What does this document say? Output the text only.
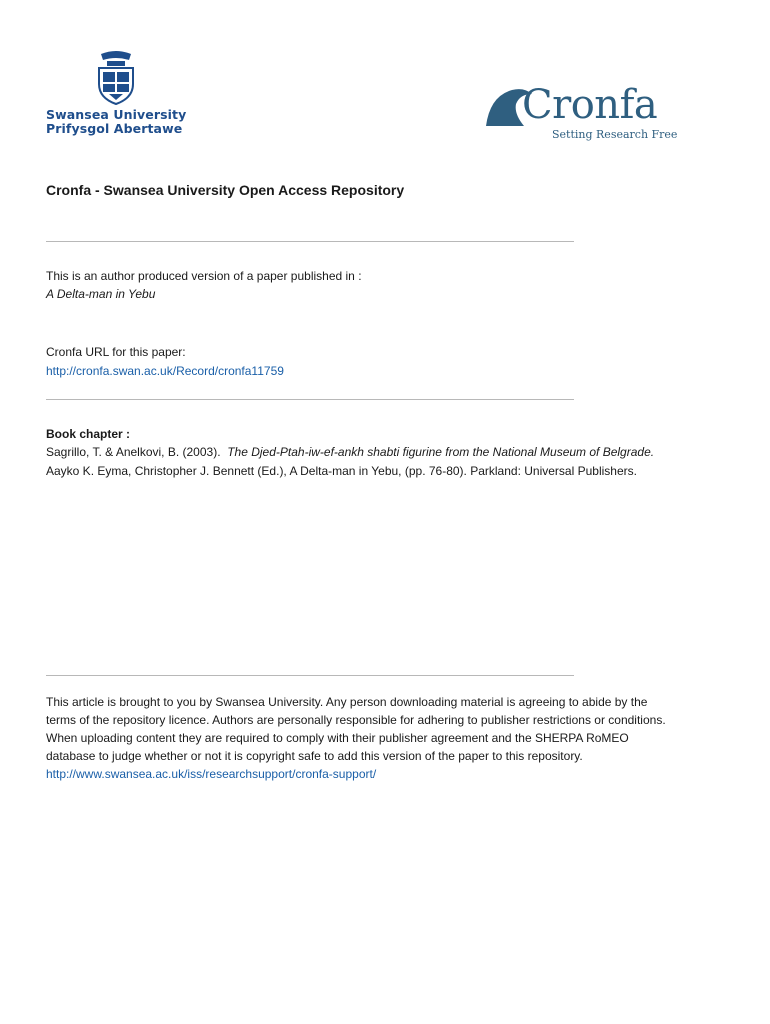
Swansea University
Prifysgol Abertawe
Cronfa
Setting Research Free
Cronfa - Swansea University Open Access Repository
This is an author produced version of a paper published in :
A Delta-man in Yebu
Cronfa URL for this paper:
http://cronfa.swan.ac.uk/Record/cronfa11759
Book chapter :
Sagrillo, T. & Anelkovi, B. (2003).  The Djed-Ptah-iw-ef-ankh shabti figurine from the National Museum of Belgrade.
Aayko K. Eyma, Christopher J. Bennett (Ed.), A Delta-man in Yebu, (pp. 76-80). Parkland: Universal Publishers.
This article is brought to you by Swansea University. Any person downloading material is agreeing to abide by the
terms of the repository licence. Authors are personally responsible for adhering to publisher restrictions or conditions.
When uploading content they are required to comply with their publisher agreement and the SHERPA RoMEO
database to judge whether or not it is copyright safe to add this version of the paper to this repository.
http://www.swansea.ac.uk/iss/researchsupport/cronfa-support/
